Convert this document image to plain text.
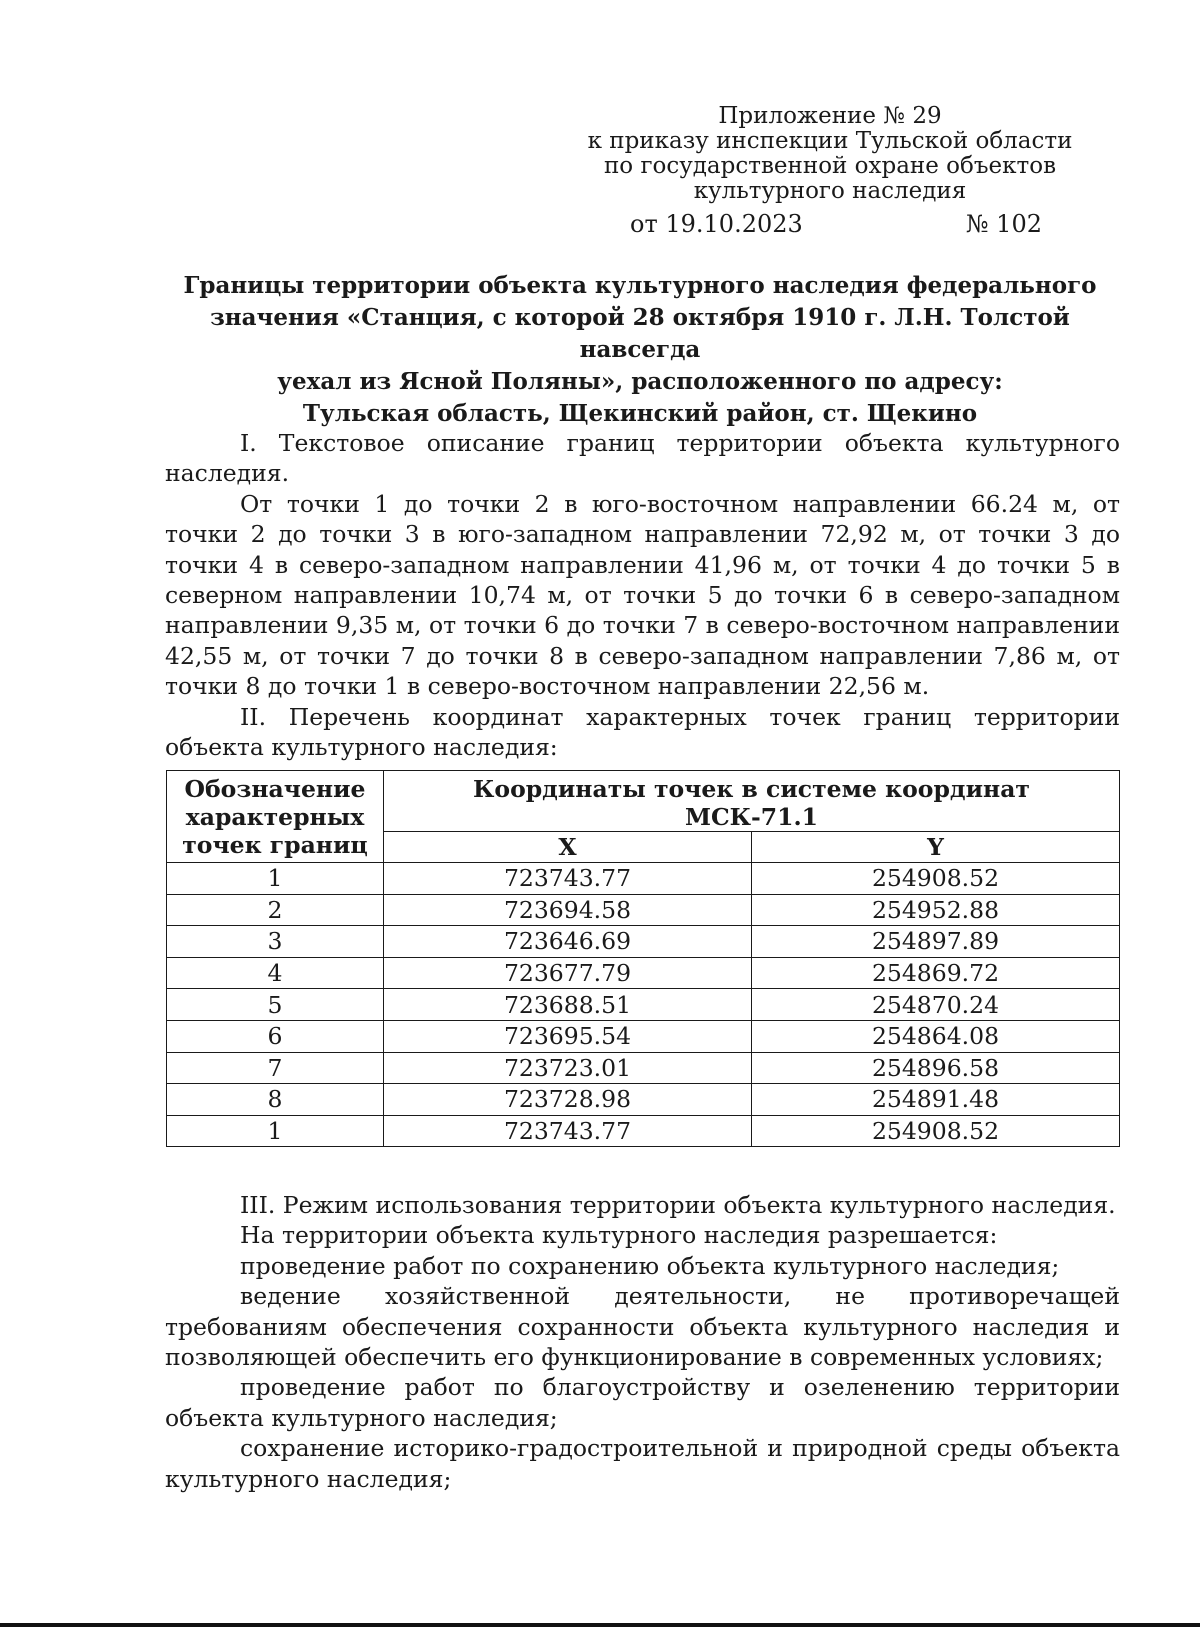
Приложение № 29
к приказу инспекции Тульской области
по государственной охране объектов
культурного наследия
от 19.10.2023	№ 102
Границы территории объекта культурного наследия федерального
значения «Станция, с которой 28 октября 1910 г. Л.Н. Толстой навсегда
уехал из Ясной Поляны», расположенного по адресу:
Тульская область, Щекинский район, ст. Щекино

I. Текстовое описание границ территории объекта культурного наследия.

От точки 1 до точки 2 в юго-восточном направлении 66.24 м, от точки 2 до точки 3 в юго-западном направлении 72,92 м, от точки 3 до точки 4 в северо-западном направлении 41,96 м, от точки 4 до точки 5 в северном направлении 10,74 м, от точки 5 до точки 6 в северо-западном направлении 9,35 м, от точки 6 до точки 7 в северо-восточном направлении 42,55 м, от точки 7 до точки 8 в северо-западном направлении 7,86 м, от точки 8 до точки 1 в северо-восточном направлении 22,56 м.

II. Перечень координат характерных точек границ территории объекта культурного наследия:

Обозначение характерных точек границ	Координаты точек в системе координат
МСК-71.1	

	X	Y
1	723743.77	254908.52
2	723694.58	254952.88
3	723646.69	254897.89
4	723677.79	254869.72
5	723688.51	254870.24
6	723695.54	254864.08
7	723723.01	254896.58
8	723728.98	254891.48
1	723743.77	254908.52

III. Режим использования территории объекта культурного наследия.

На территории объекта культурного наследия разрешается:

проведение работ по сохранению объекта культурного наследия;

ведение хозяйственной деятельности, не противоречащей требованиям обеспечения сохранности объекта культурного наследия и позволяющей обеспечить его функционирование в современных условиях;

проведение работ по благоустройству и озеленению территории объекта культурного наследия;

сохранение историко-градостроительной и природной среды объекта культурного наследия;
